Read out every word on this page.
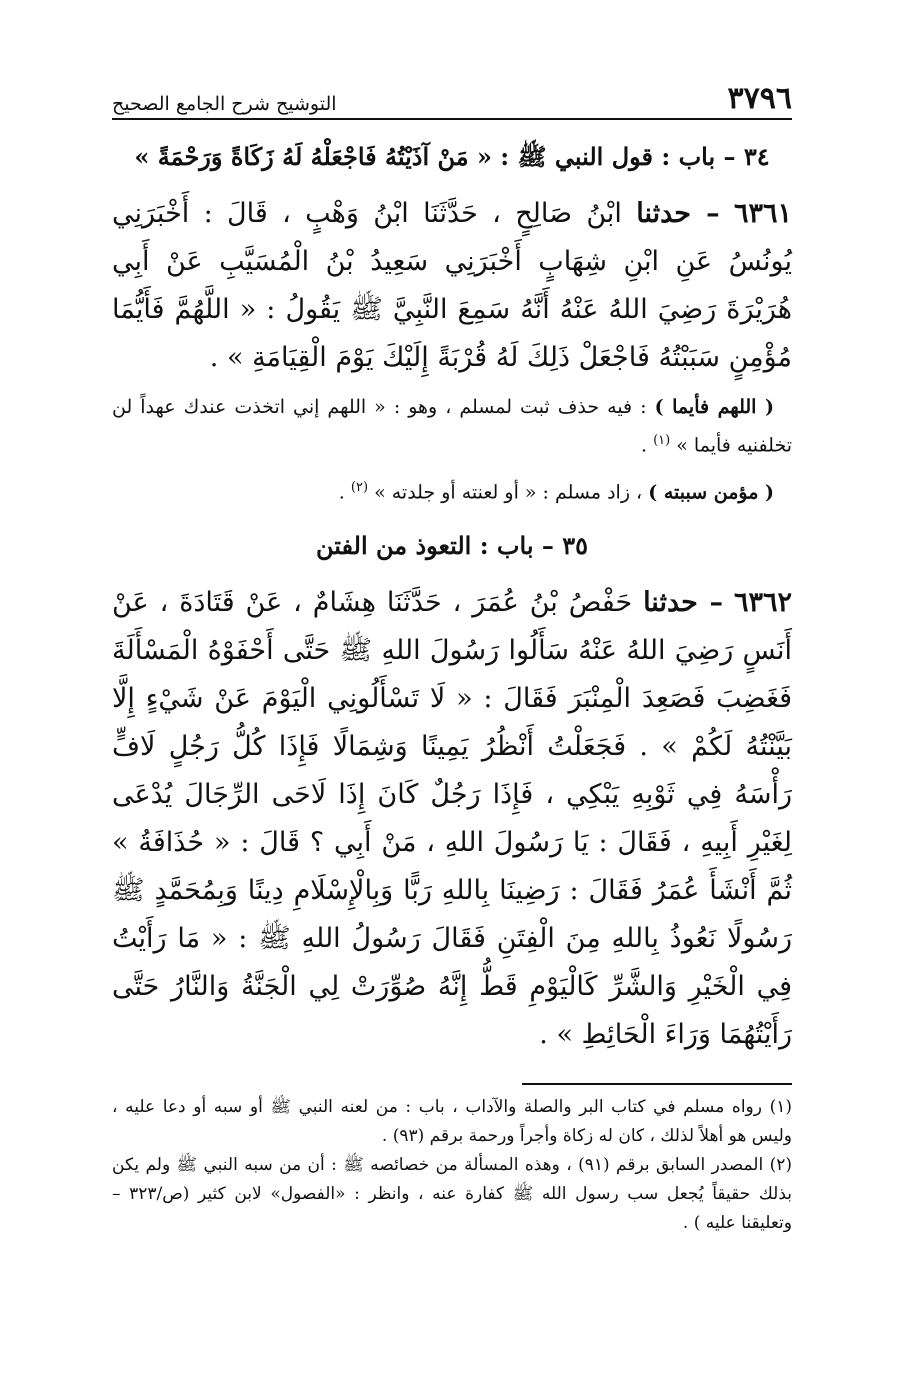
٣٧٩٦
التوشيح شرح الجامع الصحيح
٣٤ – باب : قول النبي ﷺ : « مَنْ آذَيْتُهُ فَاجْعَلْهُ لَهُ زَكَاةً وَرَحْمَةً »

٦٣٦١ – حدثنا ابْنُ صَالِحٍ ، حَدَّثَنَا ابْنُ وَهْبٍ ، قَالَ : أَخْبَرَنِي يُونُسُ عَنِ ابْنِ شِهَابٍ أَخْبَرَنِي سَعِيدُ بْنُ الْمُسَيَّبِ عَنْ أَبِي هُرَيْرَةَ رَضِيَ اللهُ عَنْهُ أَنَّهُ سَمِعَ النَّبِيَّ ﷺ يَقُولُ : « اللَّهُمَّ فَأَيُّمَا مُؤْمِنٍ سَبَبْتُهُ فَاجْعَلْ ذَلِكَ لَهُ قُرْبَةً إِلَيْكَ يَوْمَ الْقِيَامَةِ » .

( اللهم فأيما ) : فيه حذف ثبت لمسلم ، وهو : « اللهم إني اتخذت عندك عهداً لن تخلفنيه فأيما » $^{(١)}$ .

( مؤمن سببته ) ، زاد مسلم : « أو لعنته أو جلدته » $^{(٢)}$ .

٣٥ – باب : التعوذ من الفتن

٦٣٦٢ – حدثنا حَفْصُ بْنُ عُمَرَ ، حَدَّثَنَا هِشَامٌ ، عَنْ قَتَادَةَ ، عَنْ أَنَسٍ رَضِيَ اللهُ عَنْهُ سَأَلُوا رَسُولَ اللهِ ﷺ حَتَّى أَحْفَوْهُ الْمَسْأَلَةَ فَغَضِبَ فَصَعِدَ الْمِنْبَرَ فَقَالَ : « لَا تَسْأَلُونِي الْيَوْمَ عَنْ شَيْءٍ إِلَّا بَيَّنْتُهُ لَكُمْ » . فَجَعَلْتُ أَنْظُرُ يَمِينًا وَشِمَالًا فَإِذَا كُلُّ رَجُلٍ لَافٍّ رَأْسَهُ فِي ثَوْبِهِ يَبْكِي ، فَإِذَا رَجُلٌ كَانَ إِذَا لَاحَى الرِّجَالَ يُدْعَى لِغَيْرِ أَبِيهِ ، فَقَالَ : يَا رَسُولَ اللهِ ، مَنْ أَبِي ؟ قَالَ : « حُذَافَةُ » ثُمَّ أَنْشَأَ عُمَرُ فَقَالَ : رَضِينَا بِاللهِ رَبًّا وَبِالْإِسْلَامِ دِينًا وَبِمُحَمَّدٍ ﷺ رَسُولًا نَعُوذُ بِاللهِ مِنَ الْفِتَنِ فَقَالَ رَسُولُ اللهِ ﷺ : « مَا رَأَيْتُ فِي الْخَيْرِ وَالشَّرِّ كَالْيَوْمِ قَطُّ إِنَّهُ صُوِّرَتْ لِي الْجَنَّةُ وَالنَّارُ حَتَّى رَأَيْتُهُمَا وَرَاءَ الْحَائِطِ » .

(١) رواه مسلم في كتاب البر والصلة والآداب ، باب : من لعنه النبي ﷺ أو سبه أو دعا عليه ، وليس هو أهلاً لذلك ، كان له زكاة وأجراً ورحمة برقم (٩٣) .

(٢) المصدر السابق برقم (٩١) ، وهذه المسألة من خصائصه ﷺ : أن من سبه النبي ﷺ ولم يكن بذلك حقيقاً يُجعل سب رسول الله ﷺ كفارة عنه ، وانظر : «الفصول» لابن كثير (ص/٣٢٣ – وتعليقنا عليه ) .
